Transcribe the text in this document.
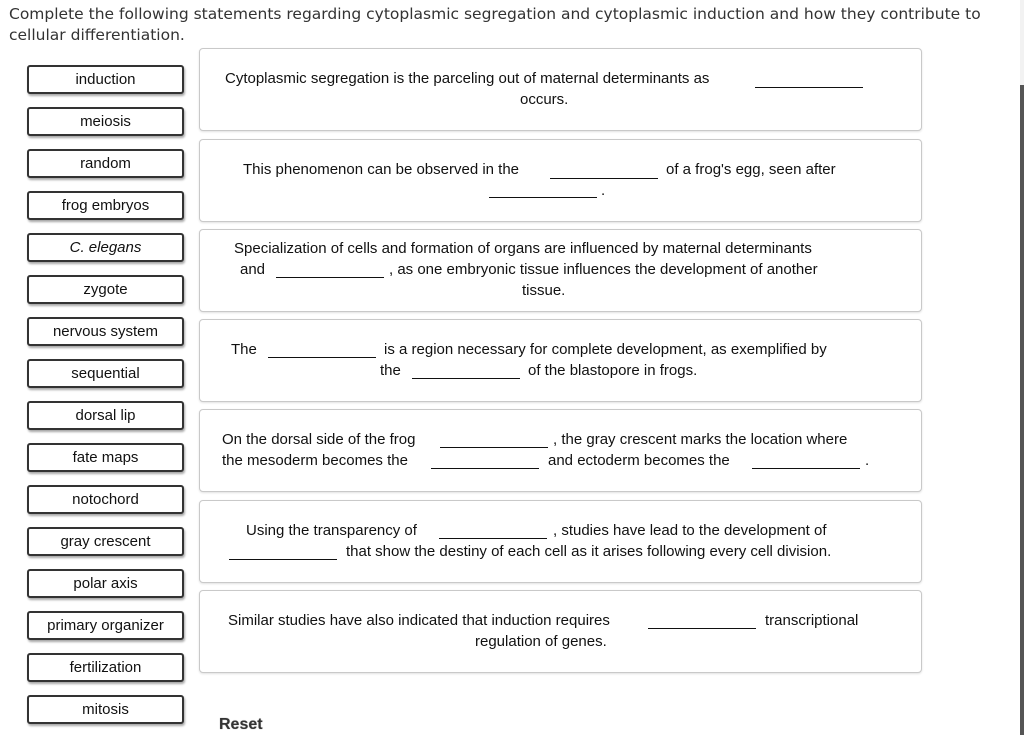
Complete the following statements regarding cytoplasmic segregation and cytoplasmic induction and how they contribute to
cellular differentiation.
induction
meiosis
random
frog embryos
C. elegans
zygote
nervous system
sequential
dorsal lip
fate maps
notochord
gray crescent
polar axis
primary organizer
fertilization
mitosis
Cytoplasmic segregation is the parceling out of maternal determinants as
occurs.
This phenomenon can be observed in the	of a frog's egg, seen after
.
Specialization of cells and formation of organs are influenced by maternal determinants
and	, as one embryonic tissue influences the development of another
tissue.
The	is a region necessary for complete development, as exemplified by
the	of the blastopore in frogs.
On the dorsal side of the frog	, the gray crescent marks the location where
the mesoderm becomes the	and ectoderm becomes the	.
Using the transparency of	, studies have lead to the development of
that show the destiny of each cell as it arises following every cell division.
Similar studies have also indicated that induction requires	transcriptional
regulation of genes.
Reset
